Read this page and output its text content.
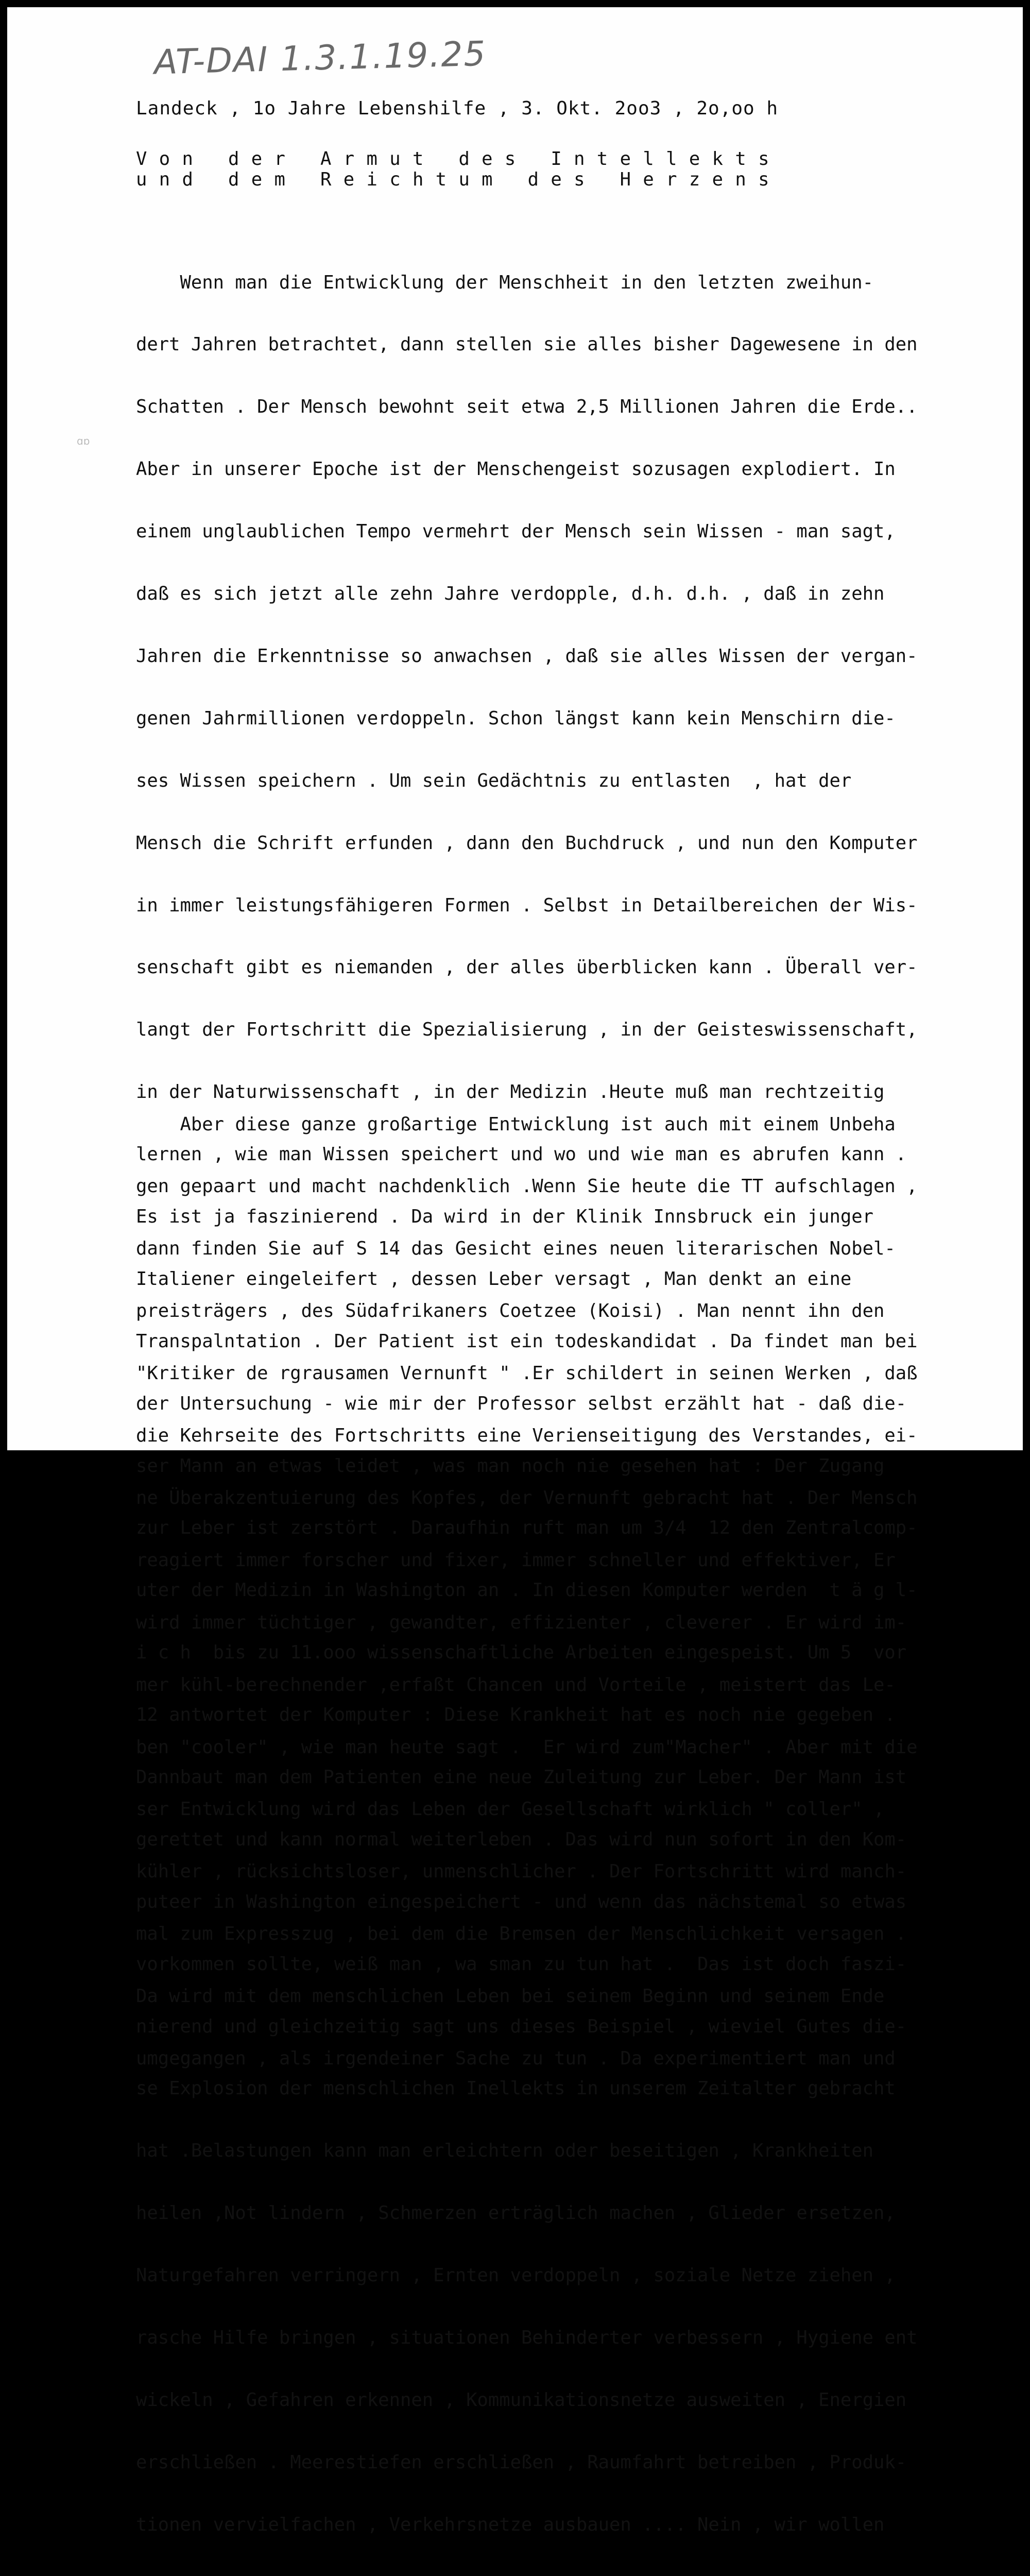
AT-DAI 1.3.1.19.25
ɑɒ
Landeck , 1o Jahre Lebenshilfe , 3. Okt. 2oo3 , 2o,oo h
V o n   d e r   A r m u t   d e s   I n t e l l e k t s
u n d   d e m   R e i c h t u m   d e s   H e r z e n s

Wenn man die Entwicklung der Menschheit in den letzten zweihun-

dert Jahren betrachtet, dann stellen sie alles bisher Dagewesene in den

Schatten . Der Mensch bewohnt seit etwa 2,5 Millionen Jahren die Erde..

Aber in unserer Epoche ist der Menschengeist sozusagen explodiert. In

einem unglaublichen Tempo vermehrt der Mensch sein Wissen - man sagt,

daß es sich jetzt alle zehn Jahre verdopple, d.h. d.h. , daß in zehn

Jahren die Erkenntnisse so anwachsen , daß sie alles Wissen der vergan-

genen Jahrmillionen verdoppeln. Schon längst kann kein Menschirn die-

ses Wissen speichern . Um sein Gedächtnis zu entlasten  , hat der

Mensch die Schrift erfunden , dann den Buchdruck , und nun den Komputer

in immer leistungsfähigeren Formen . Selbst in Detailbereichen der Wis-

senschaft gibt es niemanden , der alles überblicken kann . Überall ver-

langt der Fortschritt die Spezialisierung , in der Geisteswissenschaft,

in der Naturwissenschaft , in der Medizin .Heute muß man rechtzeitig

lernen , wie man Wissen speichert und wo und wie man es abrufen kann .

Es ist ja faszinierend . Da wird in der Klinik Innsbruck ein junger

Italiener eingeleifert , dessen Leber versagt , Man denkt an eine

Transpalntation . Der Patient ist ein todeskandidat . Da findet man bei

der Untersuchung - wie mir der Professor selbst erzählt hat - daß die-

ser Mann an etwas leidet , was man noch nie gesehen hat : Der Zugang

zur Leber ist zerstört . Daraufhin ruft man um 3/4  12 den Zentralcomp-

uter der Medizin in Washington an . In diesen Komputer werden  t ä g l-

i c h  bis zu 11.ooo wissenschaftliche Arbeiten eingespeist. Um 5  vor

12 antwortet der Komputer : Diese Krankheit hat es noch nie gegeben .

Dannbaut man dem Patienten eine neue Zuleitung zur Leber. Der Mann ist

gerettet und kann normal weiterleben . Das wird nun sofort in den Kom-

puteer in Washington eingespeichert - und wenn das nächstemal so etwas

vorkommen sollte, weiß man , wa sman zu tun hat .  Das ist doch faszi-

nierend und gleichzeitig sagt uns dieses Beispiel , wieviel Gutes die-

se Explosion der menschlichen Inellekts in unserem Zeitalter gebracht

hat .Belastungen kann man erleichtern oder beseitigen , Krankheiten

heilen ,Not lindern , Schmerzen erträglich machen , Glieder ersetzen,

Naturgefahren verringern , Ernten verdoppeln , soziale Netze ziehen ,

rasche Hilfe bringen , situationen Behinderter verbessern , Hygiene ent

wickeln , Gefahren erkennen , Kommunikationsnetze ausweiten , Energien

erschließen . Meerestiefen erschließen , Raumfahrt betreiben , Produk-

tionen vervielfachen , Verkehrsnetze ausbauen .... Nein , wir wollen

Aber diese ganze großartige Entwicklung ist auch mit einem Unbeha

gen gepaart und macht nachdenklich .Wenn Sie heute die TT aufschlagen ,

dann finden Sie auf S 14 das Gesicht eines neuen literarischen Nobel-

preisträgers , des Südafrikaners Coetzee (Koisi) . Man nennt ihn den

"Kritiker de rgrausamen Vernunft " .Er schildert in seinen Werken , daß

die Kehrseite des Fortschritts eine Verienseitigung des Verstandes, ei-

ne Überakzentuierung des Kopfes, der Vernunft gebracht hat . Der Mensch

reagiert immer forscher und fixer, immer schneller und effektiver, Er

wird immer tüchtiger , gewandter, effizienter , cleverer . Er wird im-

mer kühl-berechnender ,erfaßt Chancen und Vorteile , meistert das Le-

ben "cooler" , wie man heute sagt .  Er wird zum"Macher" . Aber mit die

ser Entwicklung wird das Leben der Gesellschaft wirklich " coller" ,

kühler , rücksichtsloser, unmenschlicher . Der Fortschritt wird manch-

mal zum Expresszug , bei dem die Bremsen der Menschlichkeit versagen .

Da wird mit dem menschlichen Leben bei seinem Beginn und seinem Ende

umgegangen , als irgendeiner Sache zu tun . Da experimentiert man und
